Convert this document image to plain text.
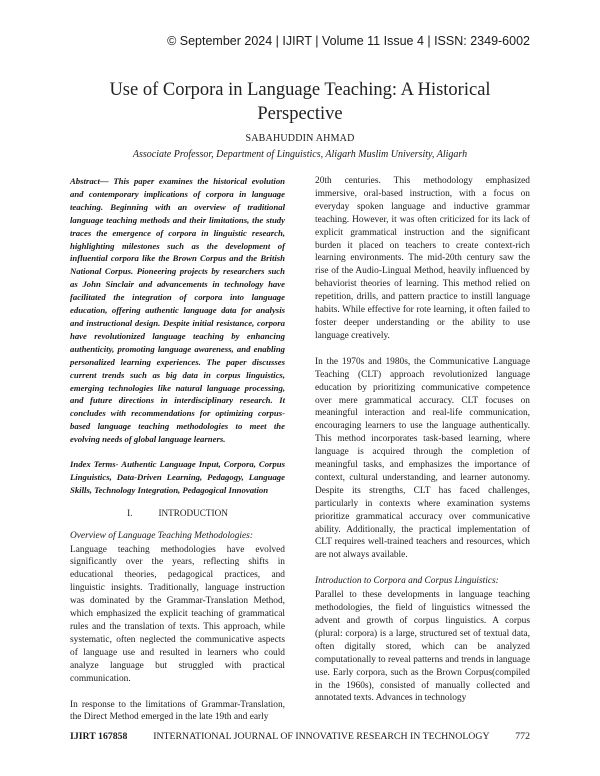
© September 2024 | IJIRT | Volume 11 Issue 4 | ISSN: 2349-6002
Use of Corpora in Language Teaching: A Historical
Perspective
SABAHUDDIN AHMAD
Associate Professor, Department of Linguistics, Aligarh Muslim University, Aligarh

Abstract— This paper examines the historical evolution and contemporary implications of corpora in language teaching. Beginning with an overview of traditional language teaching methods and their limitations, the study traces the emergence of corpora in linguistic research, highlighting milestones such as the development of influential corpora like the Brown Corpus and the British National Corpus. Pioneering projects by researchers such as John Sinclair and advancements in technology have facilitated the integration of corpora into language education, offering authentic language data for analysis and instructional design. Despite initial resistance, corpora have revolutionized language teaching by enhancing authenticity, promoting language awareness, and enabling personalized learning experiences. The paper discusses current trends such as big data in corpus linguistics, emerging technologies like natural language processing, and future directions in interdisciplinary research. It concludes with recommendations for optimizing corpus-based language teaching methodologies to meet the evolving needs of global language learners.

Index Terms- Authentic Language Input, Corpora, Corpus Linguistics, Data-Driven Learning, Pedagogy, Language Skills, Technology Integration, Pedagogical Innovation

I.	INTRODUCTION
Overview of Language Teaching Methodologies:

Language teaching methodologies have evolved significantly over the years, reflecting shifts in educational theories, pedagogical practices, and linguistic insights. Traditionally, language instruction was dominated by the Grammar-Translation Method, which emphasized the explicit teaching of grammatical rules and the translation of texts. This approach, while systematic, often neglected the communicative aspects of language use and resulted in learners who could analyze language but struggled with practical communication.

In response to the limitations of Grammar-Translation, the Direct Method emerged in the late 19th and early

20th centuries. This methodology emphasized immersive, oral-based instruction, with a focus on everyday spoken language and inductive grammar teaching. However, it was often criticized for its lack of explicit grammatical instruction and the significant burden it placed on teachers to create context-rich learning environments. The mid-20th century saw the rise of the Audio-Lingual Method, heavily influenced by behaviorist theories of learning. This method relied on repetition, drills, and pattern practice to instill language habits. While effective for rote learning, it often failed to foster deeper understanding or the ability to use language creatively.

In the 1970s and 1980s, the Communicative Language Teaching (CLT) approach revolutionized language education by prioritizing communicative competence over mere grammatical accuracy. CLT focuses on meaningful interaction and real-life communication, encouraging learners to use the language authentically. This method incorporates task-based learning, where language is acquired through the completion of meaningful tasks, and emphasizes the importance of context, cultural understanding, and learner autonomy. Despite its strengths, CLT has faced challenges, particularly in contexts where examination systems prioritize grammatical accuracy over communicative ability. Additionally, the practical implementation of CLT requires well-trained teachers and resources, which are not always available.

Introduction to Corpora and Corpus Linguistics:

Parallel to these developments in language teaching methodologies, the field of linguistics witnessed the advent and growth of corpus linguistics. A corpus (plural: corpora) is a large, structured set of textual data, often digitally stored, which can be analyzed computationally to reveal patterns and trends in language use. Early corpora, such as the Brown Corpus(compiled in the 1960s), consisted of manually collected and annotated texts. Advances in technology

IJIRT 167858	INTERNATIONAL JOURNAL OF INNOVATIVE RESEARCH IN TECHNOLOGY	772
